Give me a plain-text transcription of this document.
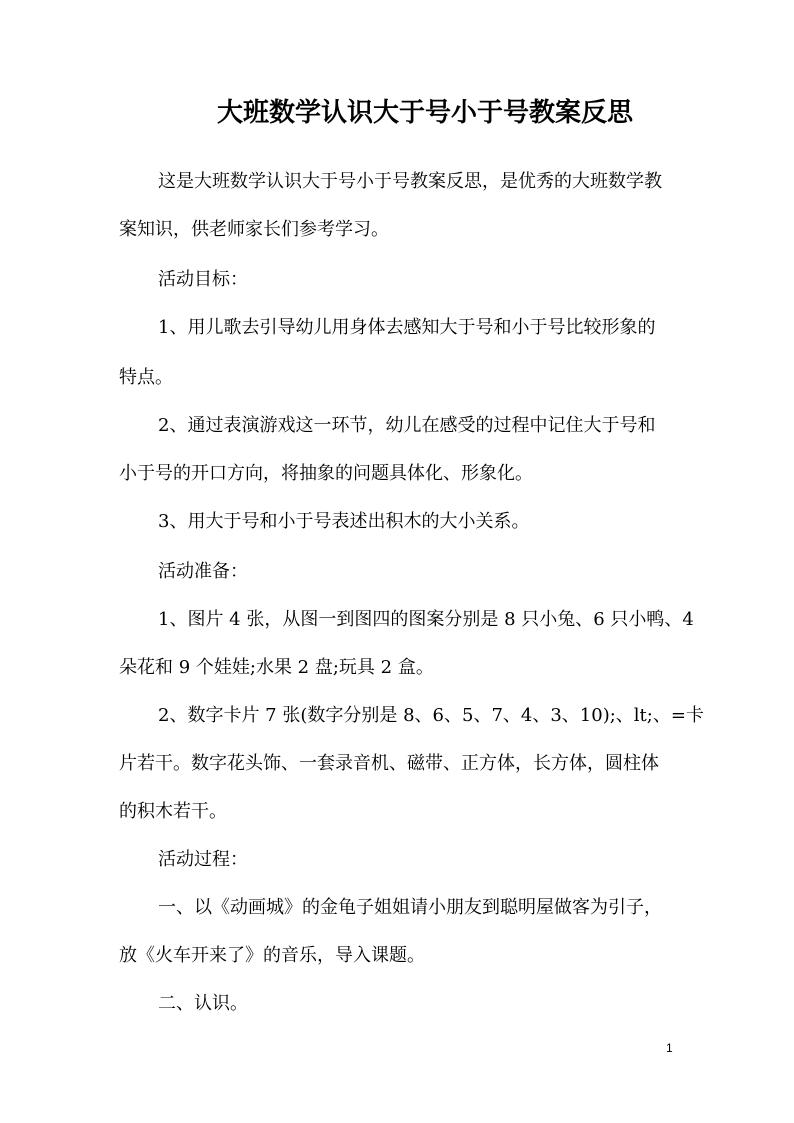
大班数学认识大于号小于号教案反思
这是大班数学认识大于号小于号教案反思，是优秀的大班数学教
案知识，供老师家长们参考学习。
活动目标：
1、用儿歌去引导幼儿用身体去感知大于号和小于号比较形象的
特点。
2、通过表演游戏这一环节，幼儿在感受的过程中记住大于号和
小于号的开口方向，将抽象的问题具体化、形象化。
3、用大于号和小于号表述出积木的大小关系。
活动准备：
1、图片 4 张，从图一到图四的图案分别是 8 只小兔、6 只小鸭、4
朵花和 9 个娃娃;水果 2 盘;玩具 2 盒。
2、数字卡片 7 张(数字分别是 8、6、5、7、4、3、10);、lt;、=卡
片若干。数字花头饰、一套录音机、磁带、正方体，长方体，圆柱体
的积木若干。
活动过程：
一、以《动画城》的金龟子姐姐请小朋友到聪明屋做客为引子，
放《火车开来了》的音乐，导入课题。
二、认识。
1
